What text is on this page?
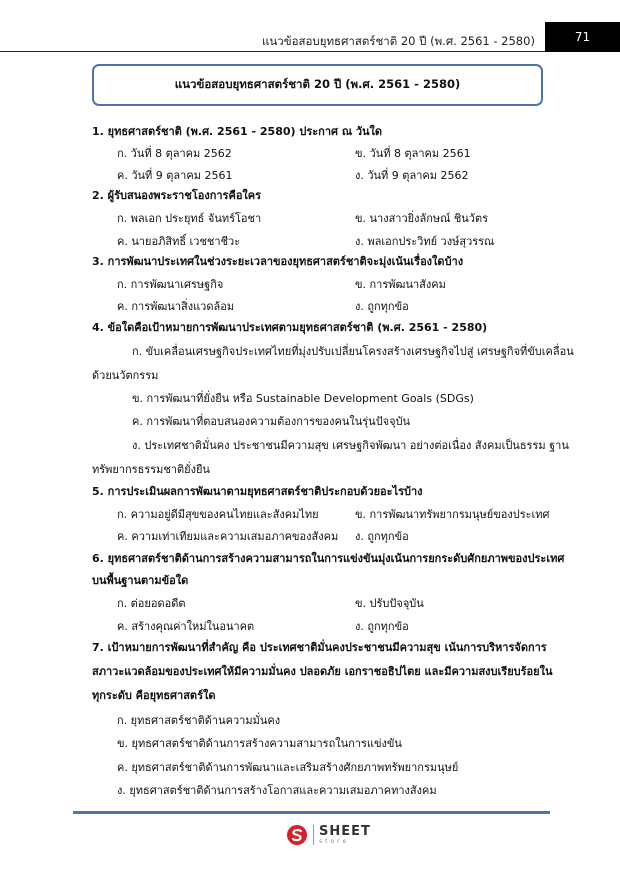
แนวข้อสอบยุทธศาสตร์ชาติ 20 ปี (พ.ศ. 2561 - 2580)	71
แนวข้อสอบยุทธศาสตร์ชาติ 20 ปี (พ.ศ. 2561 - 2580)
1. ยุทธศาสตร์ชาติ (พ.ศ. 2561 - 2580) ประกาศ ณ วันใด
ก. วันที่ 8 ตุลาคม 2562	ข. วันที่ 8 ตุลาคม 2561
ค. วันที่ 9 ตุลาคม 2561	ง. วันที่ 9 ตุลาคม 2562
2. ผู้รับสนองพระราชโองการคือใคร
ก. พลเอก ประยุทธ์ จันทร์โอชา	ข. นางสาวยิ่งลักษณ์ ชินวัตร
ค. นายอภิสิทธิ์ เวชชาชีวะ	ง. พลเอกประวิทย์ วงษ์สุวรรณ
3. การพัฒนาประเทศในช่วงระยะเวลาของยุทธศาสตร์ชาติจะมุ่งเน้นเรื่องใดบ้าง
ก. การพัฒนาเศรษฐกิจ	ข. การพัฒนาสังคม
ค. การพัฒนาสิ่งแวดล้อม	ง. ถูกทุกข้อ
4. ข้อใดคือเป้าหมายการพัฒนาประเทศตามยุทธศาสตร์ชาติ (พ.ศ. 2561 - 2580)
ก. ขับเคลื่อนเศรษฐกิจประเทศไทยที่มุ่งปรับเปลี่ยนโครงสร้างเศรษฐกิจไปสู่ เศรษฐกิจที่ขับเคลื่อน
ด้วยนวัตกรรม
ข. การพัฒนาที่ยั่งยืน หรือ Sustainable Development Goals (SDGs)
ค. การพัฒนาที่ตอบสนองความต้องการของคนในรุ่นปัจจุบัน
ง. ประเทศชาติมั่นคง ประชาชนมีความสุข เศรษฐกิจพัฒนา อย่างต่อเนื่อง สังคมเป็นธรรม ฐาน
ทรัพยากรธรรมชาติยั่งยืน
5. การประเมินผลการพัฒนาตามยุทธศาสตร์ชาติประกอบด้วยอะไรบ้าง
ก. ความอยู่ดีมีสุขของคนไทยและสังคมไทย	ข. การพัฒนาทรัพยากรมนุษย์ของประเทศ
ค. ความเท่าเทียมและความเสมอภาคของสังคม ง. ถูกทุกข้อ
6. ยุทธศาสตร์ชาติด้านการสร้างความสามารถในการแข่งขันมุ่งเน้นการยกระดับศักยภาพของประเทศ
บนพื้นฐานตามข้อใด
ก. ต่อยอดอดีต	ข. ปรับปัจจุบัน
ค. สร้างคุณค่าใหม่ในอนาคต	ง. ถูกทุกข้อ
7. เป้าหมายการพัฒนาที่สำคัญ คือ ประเทศชาติมั่นคงประชาชนมีความสุข เน้นการบริหารจัดการ
สภาวะแวดล้อมของประเทศให้มีความมั่นคง ปลอดภัย เอกราชอธิปไตย และมีความสงบเรียบร้อยใน
ทุกระดับ คือยุทธศาสตร์ใด
ก. ยุทธศาสตร์ชาติด้านความมั่นคง
ข. ยุทธศาสตร์ชาติด้านการสร้างความสามารถในการแข่งขัน
ค. ยุทธศาสตร์ชาติด้านการพัฒนาและเสริมสร้างศักยภาพทรัพยากรมนุษย์
ง. ยุทธศาสตร์ชาติด้านการสร้างโอกาสและความเสมอภาคทางสังคม
SHEET
store
